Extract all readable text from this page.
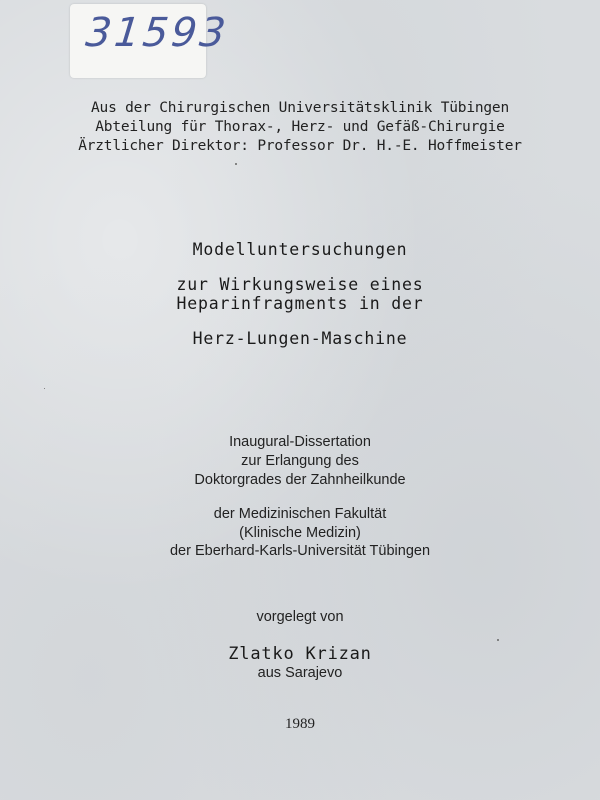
31593
Aus der Chirurgischen Universitätsklinik Tübingen
Abteilung für Thorax-, Herz- und Gefäß-Chirurgie
Ärztlicher Direktor: Professor Dr. H.-E. Hoffmeister
Modelluntersuchungen
zur Wirkungsweise eines
Heparinfragments in der
Herz-Lungen-Maschine
Inaugural-Dissertation
zur Erlangung des
Doktorgrades der Zahnheilkunde
der Medizinischen Fakultät
(Klinische Medizin)
der Eberhard-Karls-Universität Tübingen
vorgelegt von
Zlatko Krizan
aus Sarajevo
1989
